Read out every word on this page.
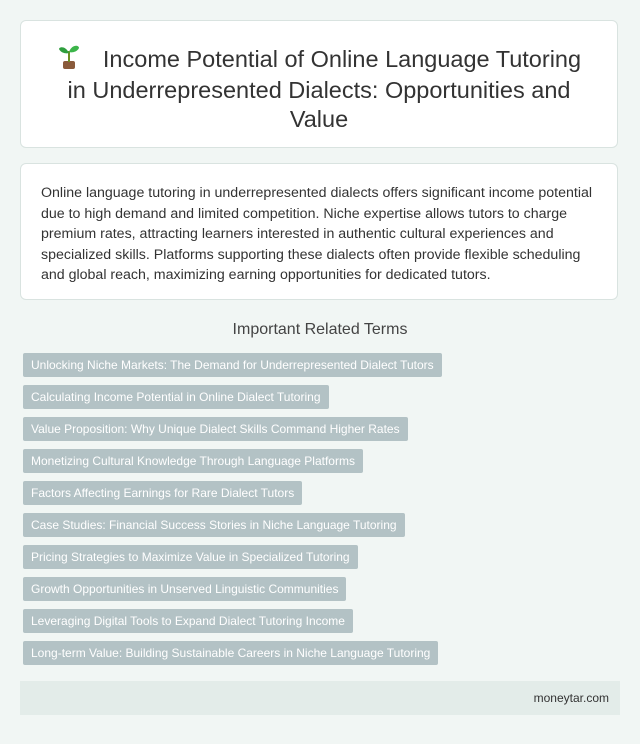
Income Potential of Online Language Tutoring in Underrepresented Dialects: Opportunities and Value

Online language tutoring in underrepresented dialects offers significant income potential due to high demand and limited competition. Niche expertise allows tutors to charge premium rates, attracting learners interested in authentic cultural experiences and specialized skills. Platforms supporting these dialects often provide flexible scheduling and global reach, maximizing earning opportunities for dedicated tutors.

Important Related Terms
Unlocking Niche Markets: The Demand for Underrepresented Dialect Tutors
Calculating Income Potential in Online Dialect Tutoring
Value Proposition: Why Unique Dialect Skills Command Higher Rates
Monetizing Cultural Knowledge Through Language Platforms
Factors Affecting Earnings for Rare Dialect Tutors
Case Studies: Financial Success Stories in Niche Language Tutoring
Pricing Strategies to Maximize Value in Specialized Tutoring
Growth Opportunities in Unserved Linguistic Communities
Leveraging Digital Tools to Expand Dialect Tutoring Income
Long-term Value: Building Sustainable Careers in Niche Language Tutoring
moneytar.com
